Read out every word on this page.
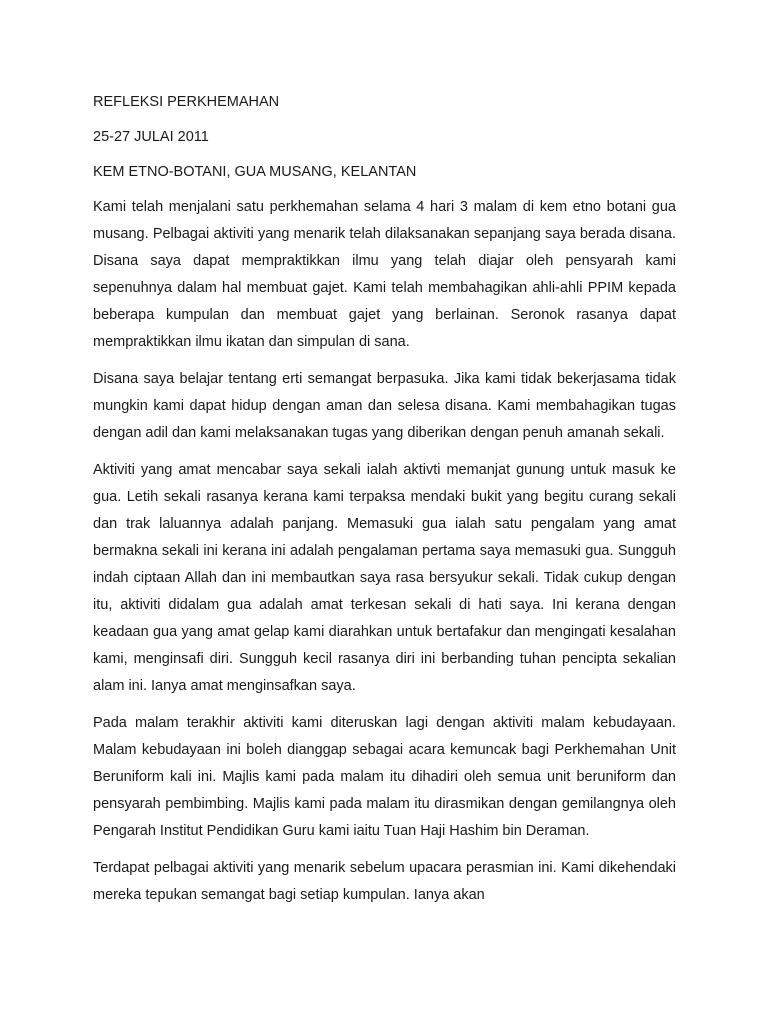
REFLEKSI PERKHEMAHAN
25-27 JULAI 2011
KEM ETNO-BOTANI, GUA MUSANG, KELANTAN

Kami telah menjalani satu perkhemahan selama 4 hari 3 malam di kem etno botani gua musang. Pelbagai aktiviti yang menarik telah dilaksanakan sepanjang saya berada disana. Disana saya dapat mempraktikkan ilmu yang telah diajar oleh pensyarah kami sepenuhnya dalam hal membuat gajet. Kami telah membahagikan ahli-ahli PPIM kepada beberapa kumpulan dan membuat gajet yang berlainan. Seronok rasanya dapat mempraktikkan ilmu ikatan dan simpulan di sana.

Disana saya belajar tentang erti semangat berpasuka. Jika kami tidak bekerjasama tidak mungkin kami dapat hidup dengan aman dan selesa disana. Kami membahagikan tugas dengan adil dan kami melaksanakan tugas yang diberikan dengan penuh amanah sekali.

Aktiviti yang amat mencabar saya sekali ialah aktivti memanjat gunung untuk masuk ke gua. Letih sekali rasanya kerana kami terpaksa mendaki bukit yang begitu curang sekali dan trak laluannya adalah panjang. Memasuki gua ialah satu pengalam yang amat bermakna sekali ini kerana ini adalah pengalaman pertama saya memasuki gua. Sungguh indah ciptaan Allah dan ini membautkan saya rasa bersyukur sekali. Tidak cukup dengan itu, aktiviti didalam gua adalah amat terkesan sekali di hati saya. Ini kerana dengan keadaan gua yang amat gelap kami diarahkan untuk bertafakur dan mengingati kesalahan kami, menginsafi diri. Sungguh kecil rasanya diri ini berbanding tuhan pencipta sekalian alam ini. Ianya amat menginsafkan saya.

Pada malam terakhir aktiviti kami diteruskan lagi dengan aktiviti malam kebudayaan. Malam kebudayaan ini boleh dianggap sebagai acara kemuncak bagi Perkhemahan Unit Beruniform kali ini. Majlis kami pada malam itu dihadiri oleh semua unit beruniform dan pensyarah pembimbing. Majlis kami pada malam itu dirasmikan dengan gemilangnya oleh Pengarah Institut Pendidikan Guru kami iaitu Tuan Haji Hashim bin Deraman.

Terdapat pelbagai aktiviti yang menarik sebelum upacara perasmian ini. Kami dikehendaki mereka tepukan semangat bagi setiap kumpulan. Ianya akan
